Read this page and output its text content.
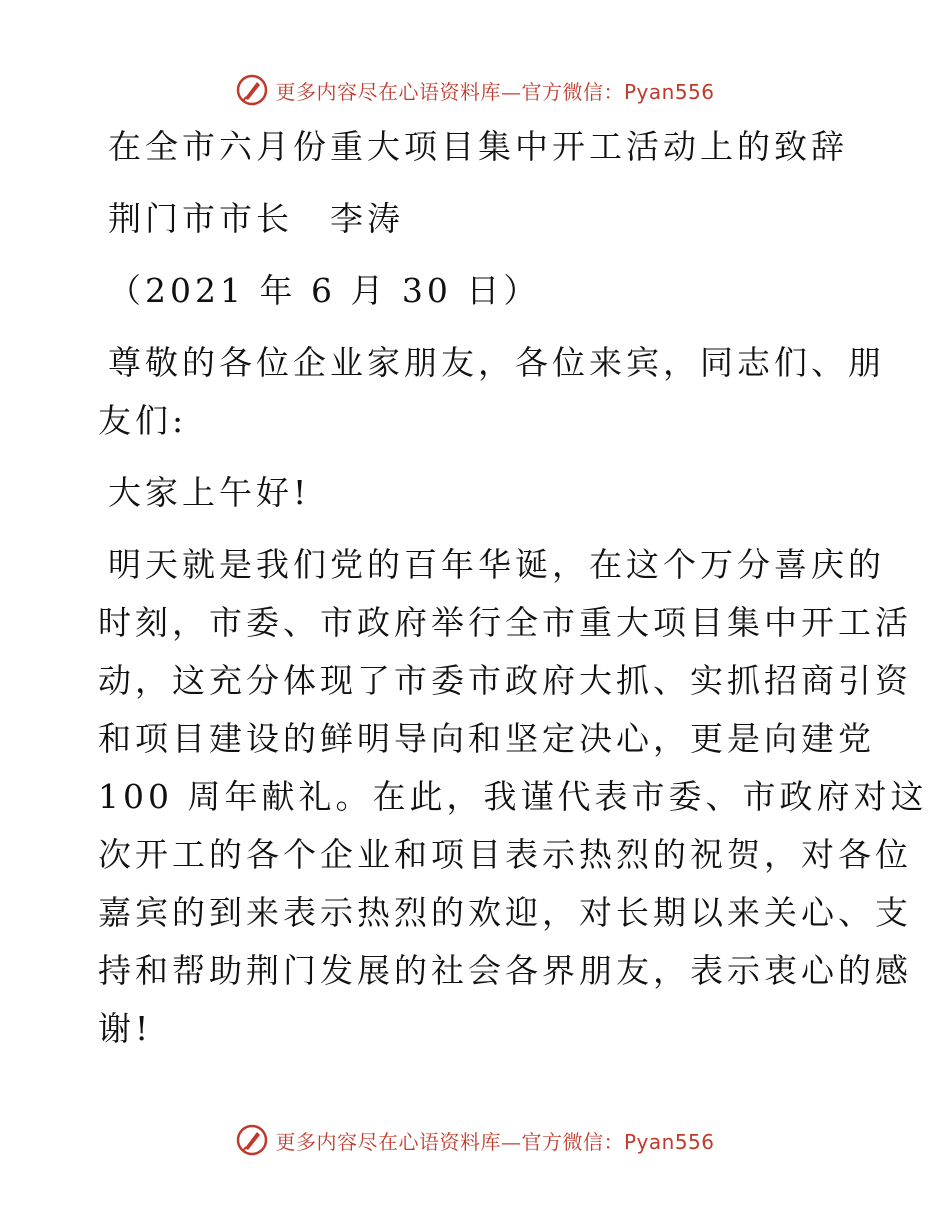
更多内容尽在心语资料库—官方微信：Pyan556
在全市六月份重大项目集中开工活动上的致辞
荆门市市长　李涛
（2021 年 6 月 30 日）
尊敬的各位企业家朋友，各位来宾，同志们、朋
友们:
大家上午好!
明天就是我们党的百年华诞，在这个万分喜庆的
时刻，市委、市政府举行全市重大项目集中开工活
动，这充分体现了市委市政府大抓、实抓招商引资
和项目建设的鲜明导向和坚定决心，更是向建党
100 周年献礼。在此，我谨代表市委、市政府对这
次开工的各个企业和项目表示热烈的祝贺，对各位
嘉宾的到来表示热烈的欢迎，对长期以来关心、支
持和帮助荆门发展的社会各界朋友，表示衷心的感
谢!
更多内容尽在心语资料库—官方微信：Pyan556
